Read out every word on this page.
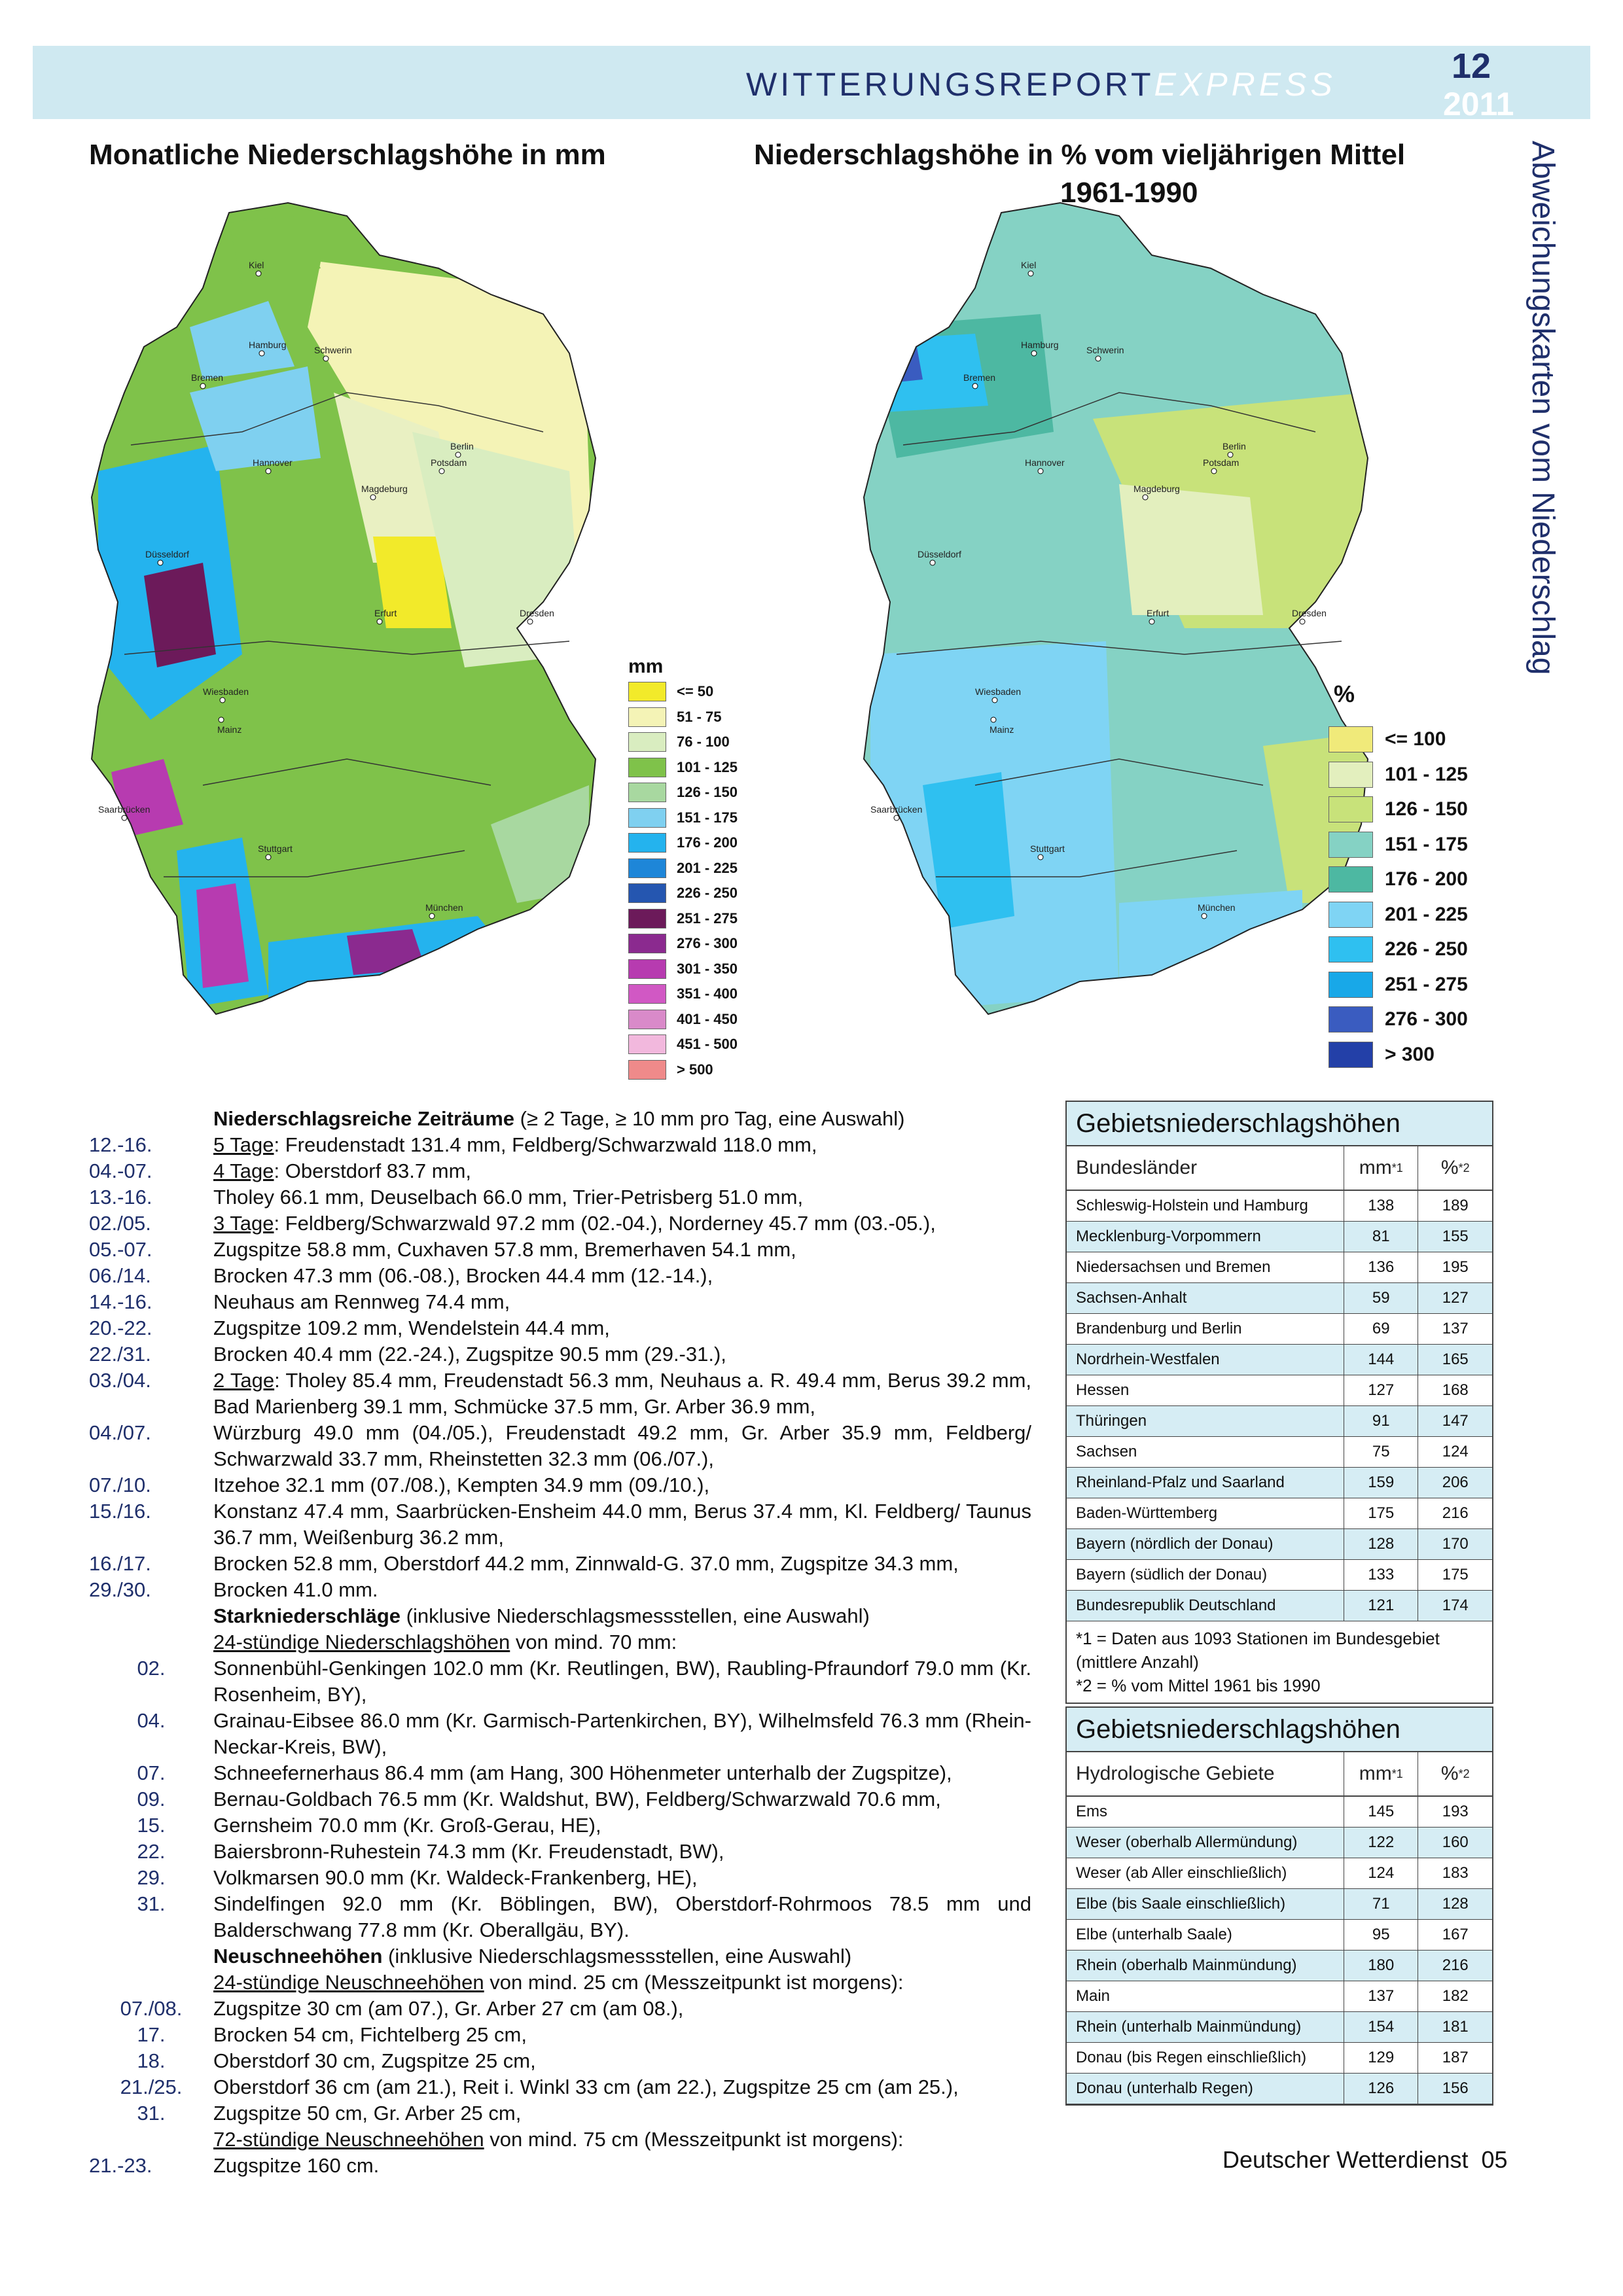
WITTERUNGSREPORTEXPRESS	12
2011
Monatliche Niederschlagshöhe in mm	Niederschlagshöhe in % vom vieljährigen Mittel
1961-1990	Abweichungskarten vom Niederschlag
Kiel
Hamburg	Schwerin
Bremen
Berlin
Potsdam
Hannover
Magdeburg
Düsseldorf
Erfurt	Dresden
Wiesbaden
Mainz
Saarbrücken
Stuttgart
München
mm
<= 50
51 - 75
76 - 100
101 - 125
126 - 150
151 - 175
176 - 200
201 - 225
226 - 250
251 - 275
276 - 300
301 - 350
351 - 400
401 - 450
451 - 500
> 500
Kiel
Hamburg	Schwerin
Bremen
Berlin
Potsdam
Hannover
Magdeburg
Düsseldorf
Erfurt	Dresden
Wiesbaden
Mainz
Saarbrücken
Stuttgart
München
%
<= 100
101 - 125
126 - 150
151 - 175
176 - 200
201 - 225
226 - 250
251 - 275
276 - 300
> 300
Niederschlagsreiche Zeiträume (≥ 2 Tage, ≥ 10 mm pro Tag, eine Auswahl)
12.-16.	5 Tage: Freudenstadt 131.4 mm, Feldberg/Schwarzwald 118.0 mm,
04.-07.	4 Tage: Oberstdorf 83.7 mm,
13.-16.	Tholey 66.1 mm, Deuselbach 66.0 mm, Trier-Petrisberg 51.0 mm,
02./05.	3 Tage: Feldberg/Schwarzwald 97.2 mm (02.-04.), Norderney 45.7 mm (03.-05.),
05.-07.	Zugspitze 58.8 mm, Cuxhaven 57.8 mm, Bremerhaven 54.1 mm,
06./14.	Brocken 47.3 mm (06.-08.), Brocken 44.4 mm (12.-14.),
14.-16.	Neuhaus am Rennweg 74.4 mm,
20.-22.	Zugspitze 109.2 mm, Wendelstein 44.4 mm,
22./31.	Brocken 40.4 mm (22.-24.), Zugspitze 90.5 mm (29.-31.),
03./04.	2 Tage: Tholey 85.4 mm, Freudenstadt 56.3 mm, Neuhaus a. R. 49.4 mm, Berus 39.2 mm, Bad Marienberg 39.1 mm, Schmücke 37.5 mm, Gr. Arber 36.9 mm,
04./07.	Würzburg 49.0 mm (04./05.), Freudenstadt 49.2 mm, Gr. Arber 35.9 mm, Feldberg/ Schwarzwald 33.7 mm, Rheinstetten 32.3 mm (06./07.),
07./10.	Itzehoe 32.1 mm (07./08.), Kempten 34.9 mm (09./10.),
15./16.	Konstanz 47.4 mm, Saarbrücken-Ensheim 44.0 mm, Berus 37.4 mm, Kl. Feldberg/ Taunus 36.7 mm, Weißenburg 36.2 mm,
16./17.	Brocken 52.8 mm, Oberstdorf 44.2 mm, Zinnwald-G. 37.0 mm, Zugspitze 34.3 mm,
29./30.	Brocken 41.0 mm.
Starkniederschläge (inklusive Niederschlagsmessstellen, eine Auswahl)
24-stündige Niederschlagshöhen von mind. 70 mm:
02.	Sonnenbühl-Genkingen 102.0 mm (Kr. Reutlingen, BW), Raubling-Pfraundorf 79.0 mm (Kr. Rosenheim, BY),
04.	Grainau-Eibsee 86.0 mm (Kr. Garmisch-Partenkirchen, BY), Wilhelmsfeld 76.3 mm (Rhein-Neckar-Kreis, BW),
07.	Schneefernerhaus 86.4 mm (am Hang, 300 Höhenmeter unterhalb der Zugspitze),
09.	Bernau-Goldbach 76.5 mm (Kr. Waldshut, BW), Feldberg/Schwarzwald 70.6 mm,
15.	Gernsheim 70.0 mm (Kr. Groß-Gerau, HE),
22.	Baiersbronn-Ruhestein 74.3 mm (Kr. Freudenstadt, BW),
29.	Volkmarsen 90.0 mm (Kr. Waldeck-Frankenberg, HE),
31.	Sindelfingen 92.0 mm (Kr. Böblingen, BW), Oberstdorf-Rohrmoos 78.5 mm und Balderschwang 77.8 mm (Kr. Oberallgäu, BY).
Neuschneehöhen (inklusive Niederschlagsmessstellen, eine Auswahl)
24-stündige Neuschneehöhen von mind. 25 cm (Messzeitpunkt ist morgens):
07./08.	Zugspitze 30 cm (am 07.), Gr. Arber 27 cm (am 08.),
17.	Brocken 54 cm, Fichtelberg 25 cm,
18.	Oberstdorf 30 cm, Zugspitze 25 cm,
21./25.	Oberstdorf 36 cm (am 21.), Reit i. Winkl 33 cm (am 22.), Zugspitze 25 cm (am 25.),
31.	Zugspitze 50 cm, Gr. Arber 25 cm,
72-stündige Neuschneehöhen von mind. 75 cm (Messzeitpunkt ist morgens):
21.-23.	Zugspitze 160 cm.
Gebietsniederschlagshöhen
Bundesländer	mm *1 % *2
Schleswig-Holstein und Hamburg	138	189
Mecklenburg-Vorpommern	81	155
Niedersachsen und Bremen	136	195
Sachsen-Anhalt	59	127
Brandenburg und Berlin	69	137
Nordrhein-Westfalen	144	165
Hessen	127	168
Thüringen	91	147
Sachsen	75	124
Rheinland-Pfalz und Saarland	159	206
Baden-Württemberg	175	216
Bayern (nördlich der Donau)	128	170
Bayern (südlich der Donau)	133	175
Bundesrepublik Deutschland	121	174
*1 = Daten aus 1093 Stationen im Bundesgebiet (mittlere Anzahl)
*2 = % vom Mittel 1961 bis 1990
Gebietsniederschlagshöhen
Hydrologische Gebiete	mm *1 % *2
Ems	145	193
Weser (oberhalb Allermündung)	122	160
Weser (ab Aller einschließlich)	124	183
Elbe (bis Saale einschließlich)	71	128
Elbe (unterhalb Saale)	95	167
Rhein (oberhalb Mainmündung)	180	216
Main	137	182
Rhein (unterhalb Mainmündung)	154	181
Donau (bis Regen einschließlich)	129	187
Donau (unterhalb Regen)	126	156
Deutscher Wetterdienst 05
